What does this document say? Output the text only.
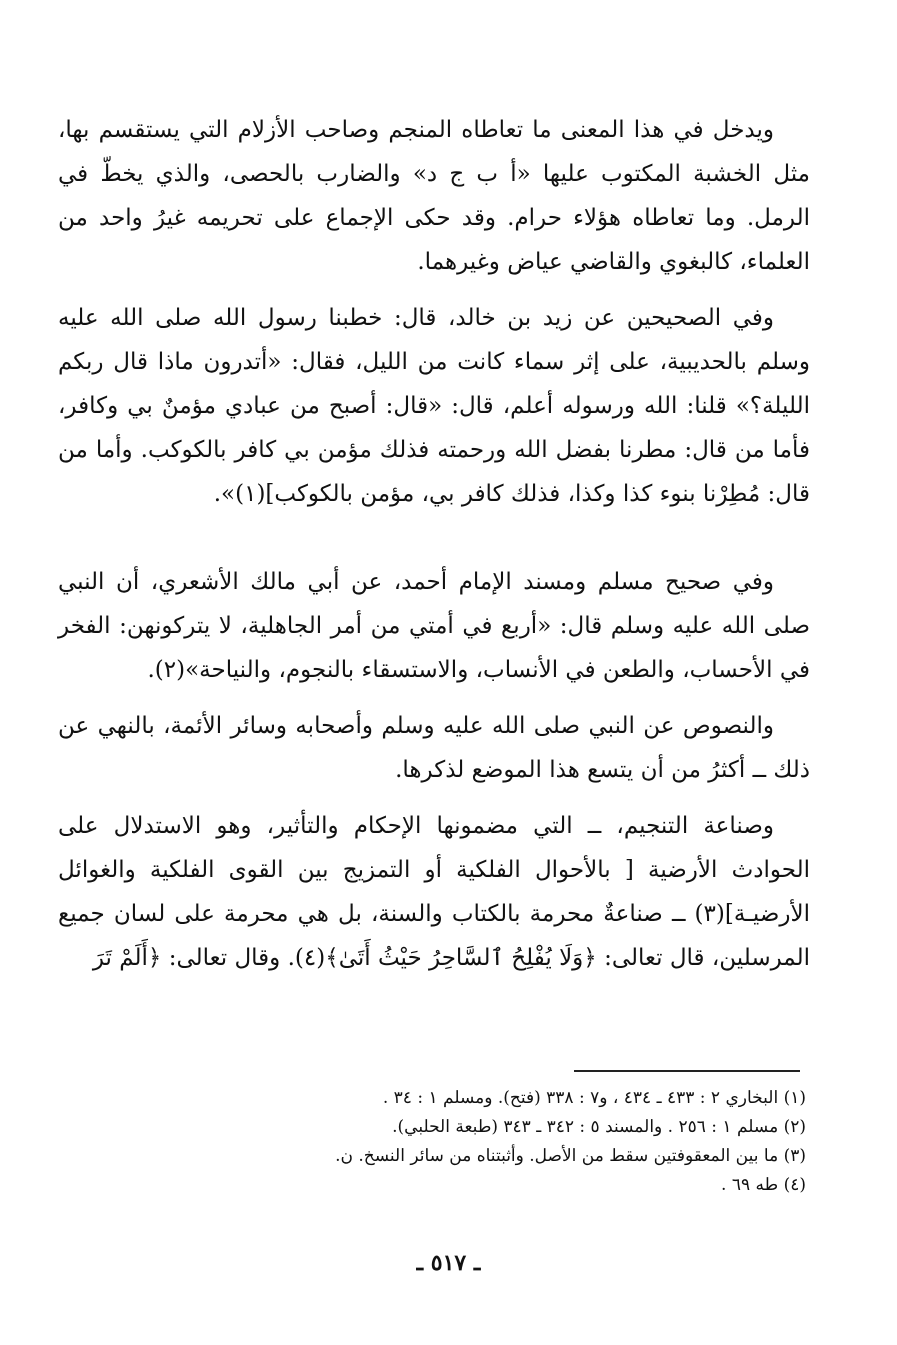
ويدخل في هذا المعنى ما تعاطاه المنجم وصاحب الأزلام التي يستقسم بها، مثل الخشبة المكتوب عليها «أ ب ج د» والضارب بالحصى، والذي يخطّ في الرمل. وما تعاطاه هؤلاء حرام. وقد حكى الإجماع على تحريمه غيرُ واحد من العلماء، كالبغوي والقاضي عياض وغيرهما.

وفي الصحيحين عن زيد بن خالد، قال: خطبنا رسول الله صلى الله عليه وسلم بالحديبية، على إثر سماء كانت من الليل، فقال: «أتدرون ماذا قال ربكم الليلة؟» قلنا: الله ورسوله أعلم، قال: «قال: أصبح من عبادي مؤمنٌ بي وكافر، فأما من قال: مطرنا بفضل الله ورحمته فذلك مؤمن بي كافر بالكوكب. وأما من قال: مُطِرْنا بنوء كذا وكذا، فذلك كافر بي، مؤمن بالكوكب](١)».

وفي صحيح مسلم ومسند الإمام أحمد، عن أبي مالك الأشعري، أن النبي صلى الله عليه وسلم قال: «أربع في أمتي من أمر الجاهلية، لا يتركونهن: الفخر في الأحساب، والطعن في الأنساب، والاستسقاء بالنجوم، والنياحة»(٢).

والنصوص عن النبي صلى الله عليه وسلم وأصحابه وسائر الأئمة، بالنهي عن ذلك ــ أكثرُ من أن يتسع هذا الموضع لذكرها.

وصناعة التنجيم، ــ التي مضمونها الإحكام والتأثير، وهو الاستدلال على الحوادث الأرضية [ بالأحوال الفلكية أو التمزيج بين القوى الفلكية والغوائل الأرضيـة](٣) ــ صناعةٌ محرمة بالكتاب والسنة، بل هي محرمة على لسان جميع المرسلين، قال تعالى: ﴿وَلَا يُفْلِحُ ٱلسَّاحِرُ حَيْثُ أَتَىٰ﴾(٤). وقال تعالى: ﴿أَلَمْ تَرَ

(١) البخاري ٢ : ٤٣٣ ـ ٤٣٤ ، و٧ : ٣٣٨ (فتح). ومسلم ١ : ٣٤ .

(٢) مسلم ١ : ٢٥٦ . والمسند ٥ : ٣٤٢ ـ ٣٤٣ (طبعة الحلبي).

(٣) ما بين المعقوفتين سقط من الأصل. وأثبتناه من سائر النسخ. ن.

(٤) طه ٦٩ .

ـ ٥١٧ ـ
